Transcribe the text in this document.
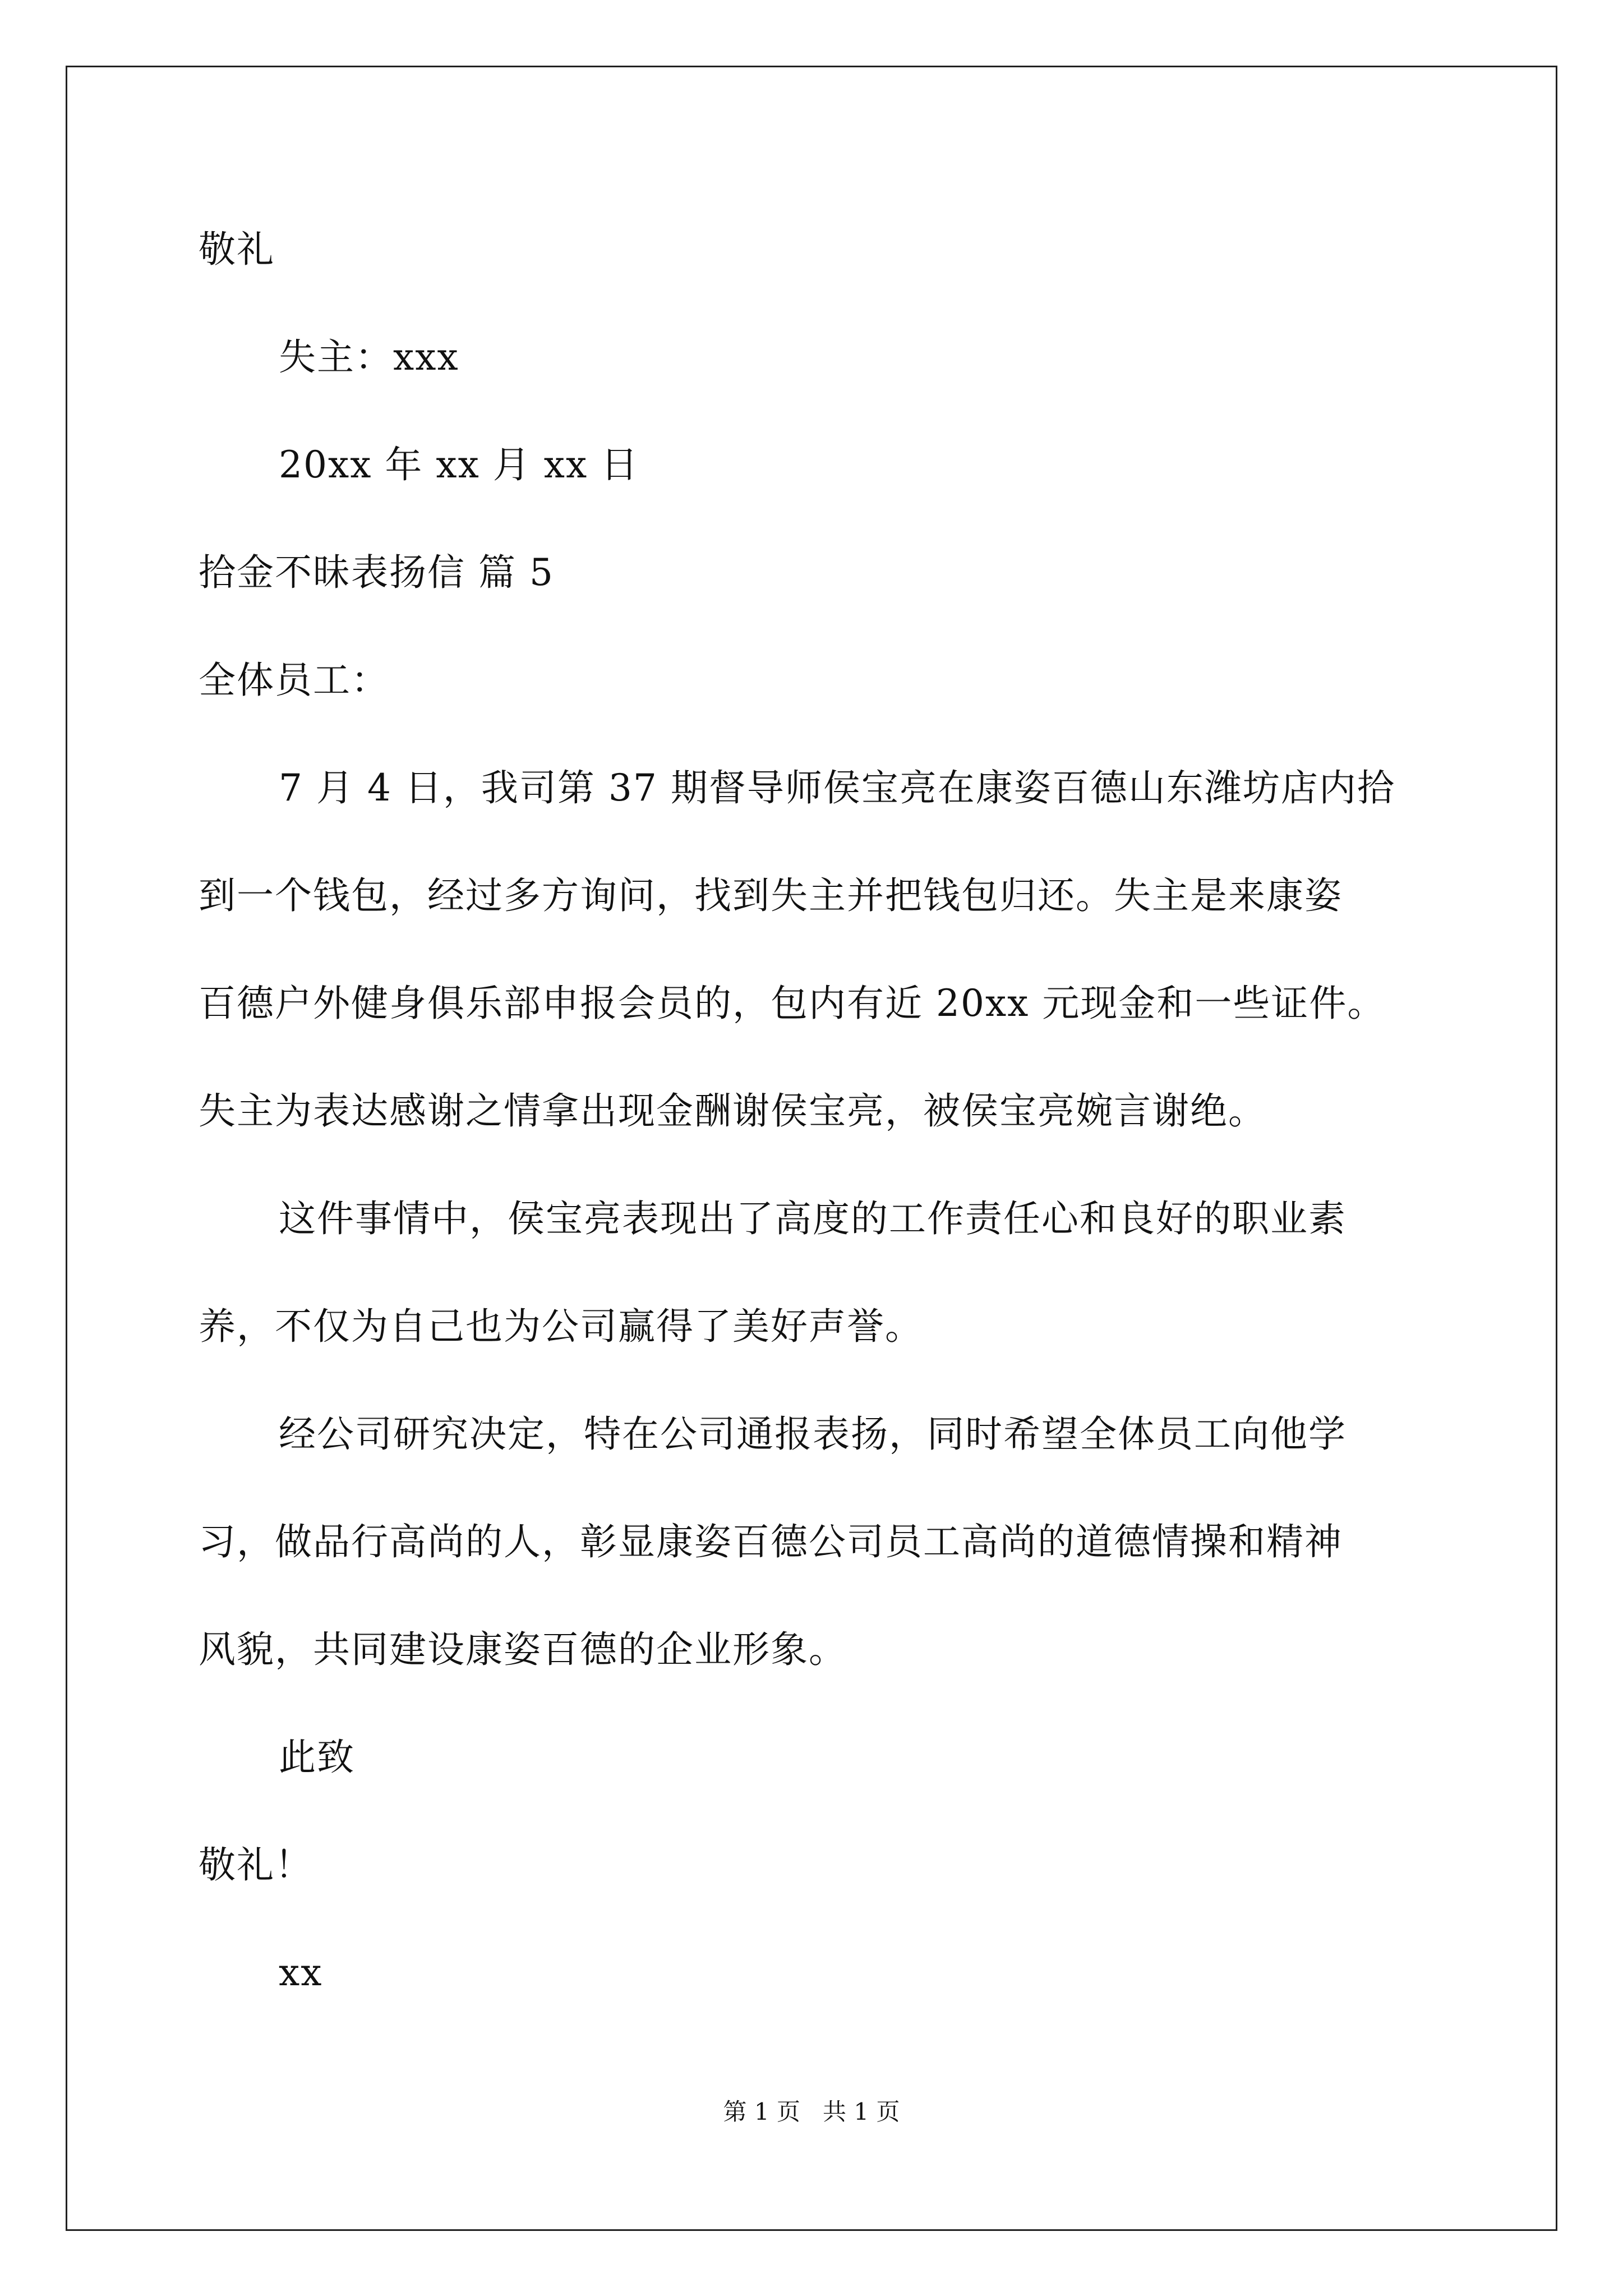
敬礼
失主：xxx
20xx 年 xx 月 xx 日
拾金不昧表扬信 篇 5
全体员工：
7 月 4 日，我司第 37 期督导师侯宝亮在康姿百德山东潍坊店内拾
到一个钱包，经过多方询问，找到失主并把钱包归还。失主是来康姿
百德户外健身俱乐部申报会员的，包内有近 20xx 元现金和一些证件。
失主为表达感谢之情拿出现金酬谢侯宝亮，被侯宝亮婉言谢绝。
这件事情中，侯宝亮表现出了高度的工作责任心和良好的职业素
养，不仅为自己也为公司赢得了美好声誉。
经公司研究决定，特在公司通报表扬，同时希望全体员工向他学
习，做品行高尚的人，彰显康姿百德公司员工高尚的道德情操和精神
风貌，共同建设康姿百德的企业形象。
此致
敬礼！
xx
第 1 页   共 1 页
